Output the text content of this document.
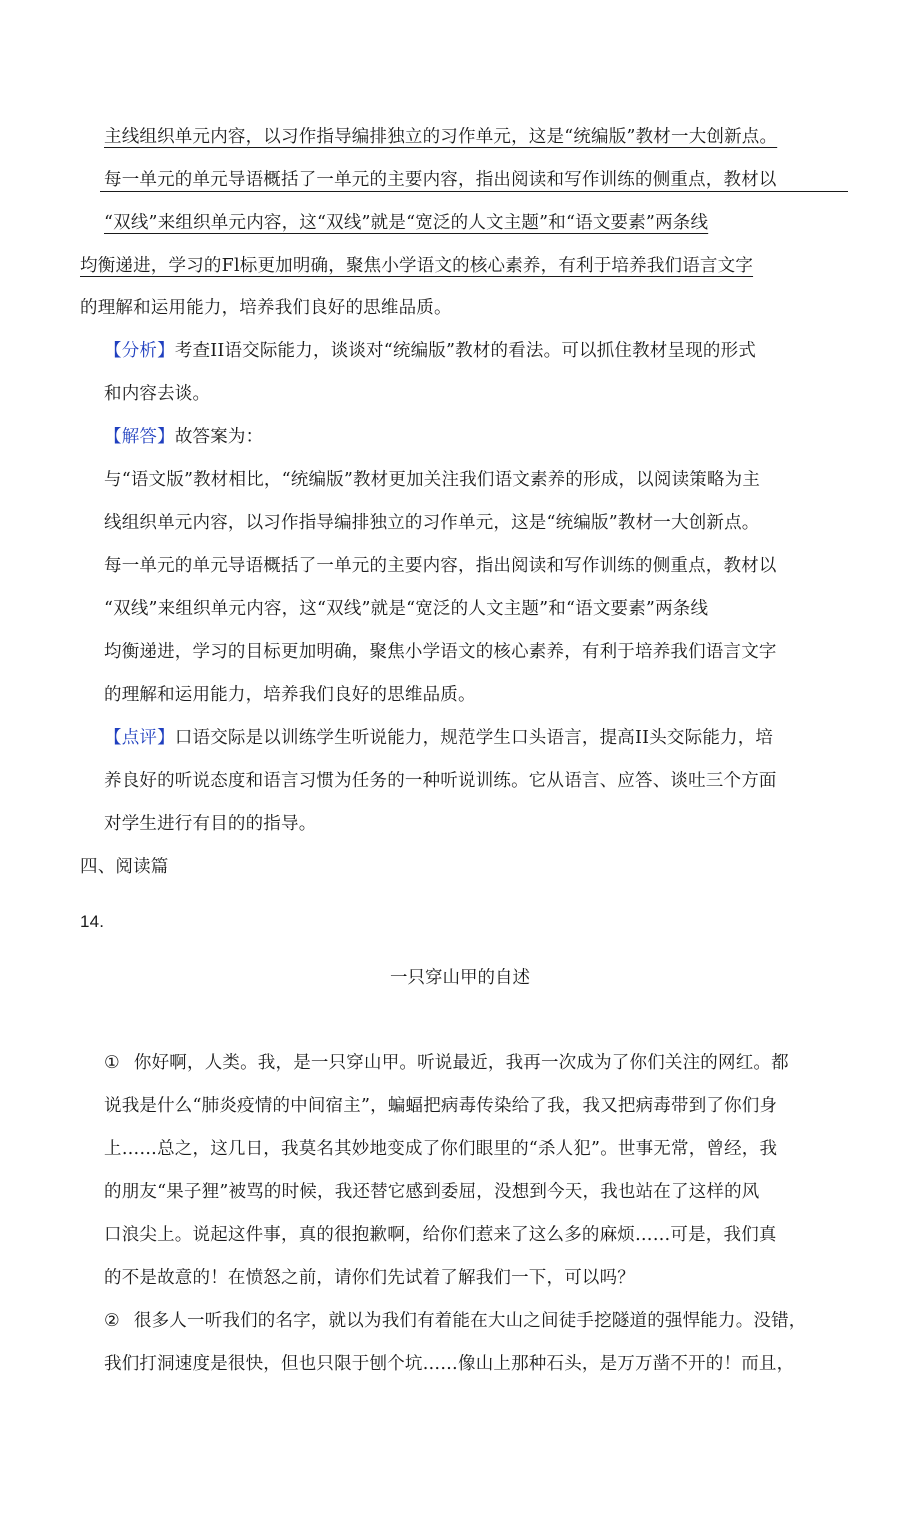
主线组织单元内容，以习作指导编排独立的习作单元，这是“统编版”教材一大创新点。
每一单元的单元导语概括了一单元的主要内容，指出阅读和写作训练的侧重点，教材以
“双线”来组织单元内容，这“双线”就是“宽泛的人文主题”和“语文要素”两条线
均衡递进，学习的Fl标更加明确，聚焦小学语文的核心素养，有利于培养我们语言文字
的理解和运用能力，培养我们良好的思维品质。
【分析】考查II语交际能力，谈谈对“统编版”教材的看法。可以抓住教材呈现的形式
和内容去谈。
【解答】故答案为：
与“语文版”教材相比，“统编版”教材更加关注我们语文素养的形成，以阅读策略为主
线组织单元内容，以习作指导编排独立的习作单元，这是“统编版”教材一大创新点。
每一单元的单元导语概括了一单元的主要内容，指出阅读和写作训练的侧重点，教材以
“双线”来组织单元内容，这“双线”就是“宽泛的人文主题”和“语文要素”两条线
均衡递进，学习的目标更加明确，聚焦小学语文的核心素养，有利于培养我们语言文字
的理解和运用能力，培养我们良好的思维品质。
【点评】口语交际是以训练学生听说能力，规范学生口头语言，提高II头交际能力，培
养良好的听说态度和语言习惯为任务的一种听说训练。它从语言、应答、谈吐三个方面
对学生进行有目的的指导。
四、阅读篇
14.
一只穿山甲的自述
① 你好啊，人类。我，是一只穿山甲。听说最近，我再一次成为了你们关注的网红。都
说我是什么“肺炎疫情的中间宿主”，蝙蝠把病毒传染给了我，我又把病毒带到了你们身
上……总之，这几日，我莫名其妙地变成了你们眼里的“杀人犯”。世事无常，曾经，我
的朋友“果子狸”被骂的时候，我还替它感到委屈，没想到今天，我也站在了这样的风
口浪尖上。说起这件事，真的很抱歉啊，给你们惹来了这么多的麻烦……可是，我们真
的不是故意的！在愤怒之前，请你们先试着了解我们一下，可以吗？
② 很多人一听我们的名字，就以为我们有着能在大山之间徒手挖隧道的强悍能力。没错，
我们打洞速度是很快，但也只限于刨个坑……像山上那种石头，是万万凿不开的！而且，
